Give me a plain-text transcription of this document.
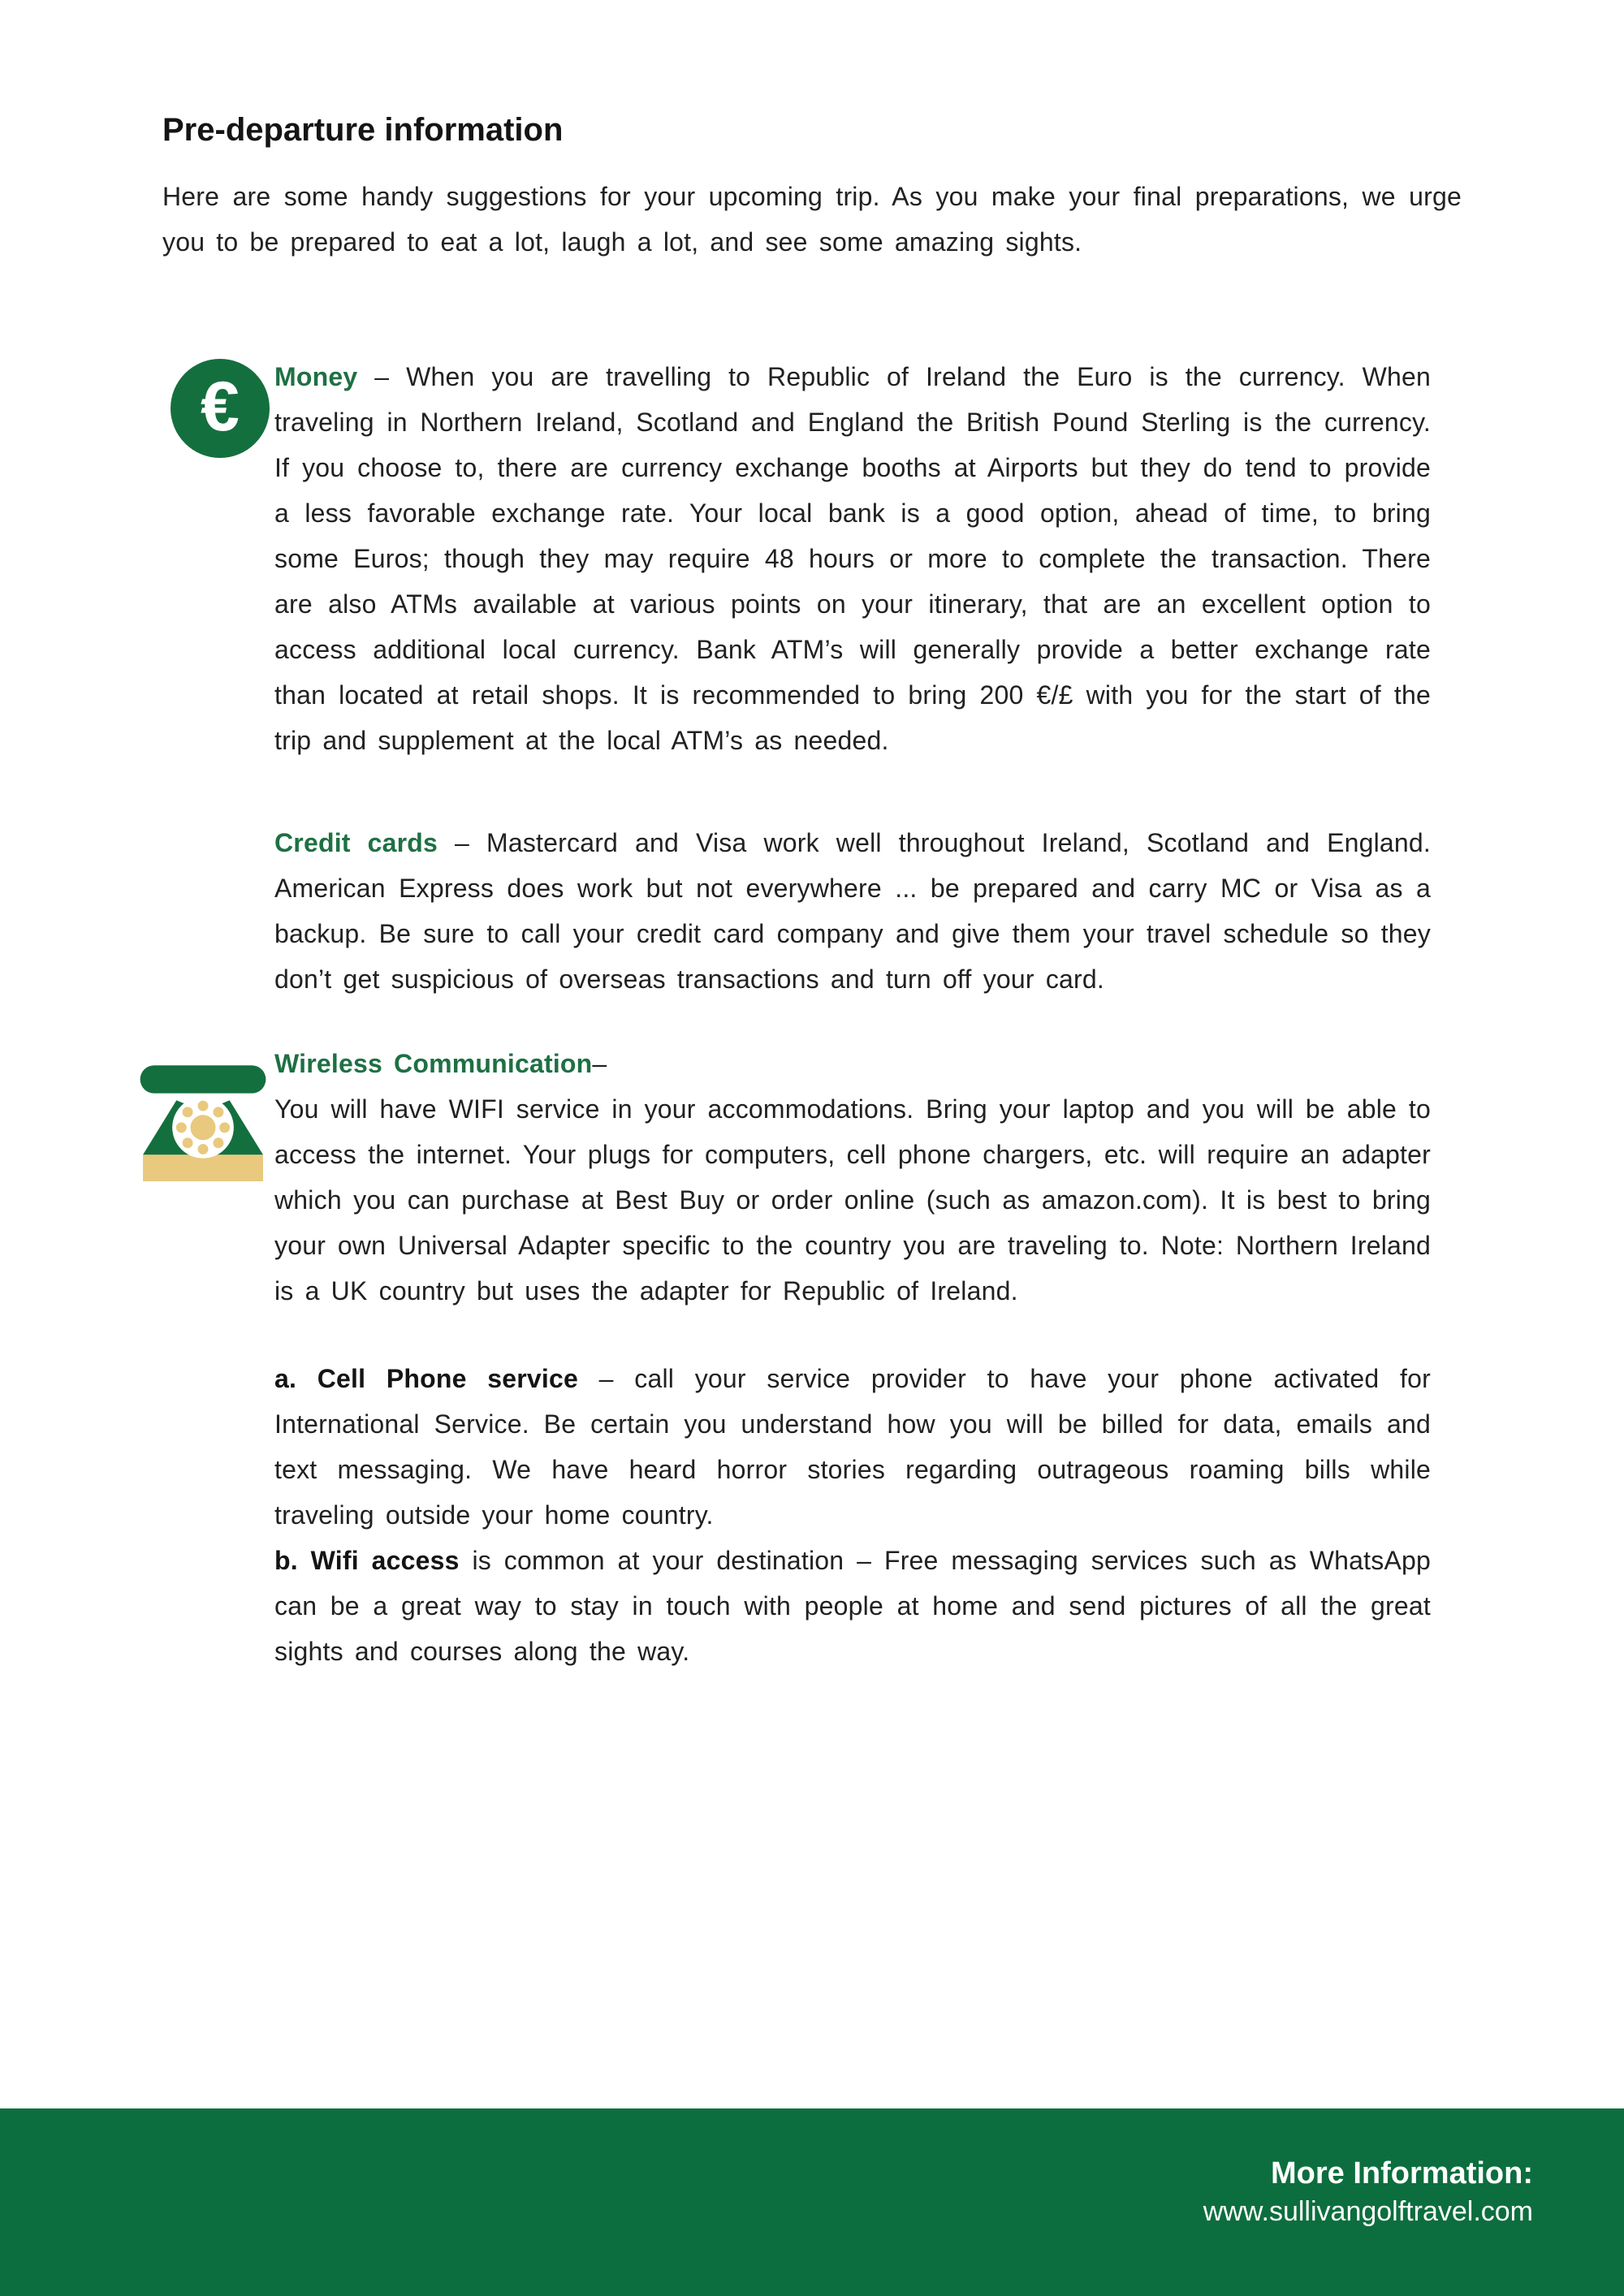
Pre-departure information

Here are some handy suggestions for your upcoming trip. As you make your final preparations, we urge you to be prepared to eat a lot, laugh a lot, and see some amazing sights.

€ Money – When you are travelling to Republic of Ireland the Euro is the currency. When traveling in Northern Ireland, Scotland and England the British Pound Sterling is the currency. If you choose to, there are currency exchange booths at Airports but they do tend to provide a less favorable exchange rate. Your local bank is a good option, ahead of time, to bring some Euros; though they may require 48 hours or more to complete the transaction. There are also ATMs available at various points on your itinerary, that are an excellent option to access additional local currency. Bank ATM’s will generally provide a better exchange rate than located at retail shops. It is recommended to bring 200 €/£ with you for the start of the trip and supplement at the local ATM’s as needed.

Credit cards – Mastercard and Visa work well throughout Ireland, Scotland and England. American Express does work but not everywhere ... be prepared and carry MC or Visa as a backup. Be sure to call your credit card company and give them your travel schedule so they don’t get suspicious of overseas transactions and turn off your card.

Wireless Communication–

You will have WIFI service in your accommodations. Bring your laptop and you will be able to access the internet. Your plugs for computers, cell phone chargers, etc. will require an adapter which you can purchase at Best Buy or order online (such as amazon.com). It is best to bring your own Universal Adapter specific to the country you are traveling to. Note: Northern Ireland is a UK country but uses the adapter for Republic of Ireland.

a. Cell Phone service – call your service provider to have your phone activated for International Service. Be certain you understand how you will be billed for data, emails and text messaging. We have heard horror stories regarding outrageous roaming bills while traveling outside your home country.

b. Wifi access is common at your destination – Free messaging services such as WhatsApp can be a great way to stay in touch with people at home and send pictures of all the great sights and courses along the way.

More Information:

www.sullivangolftravel.com
